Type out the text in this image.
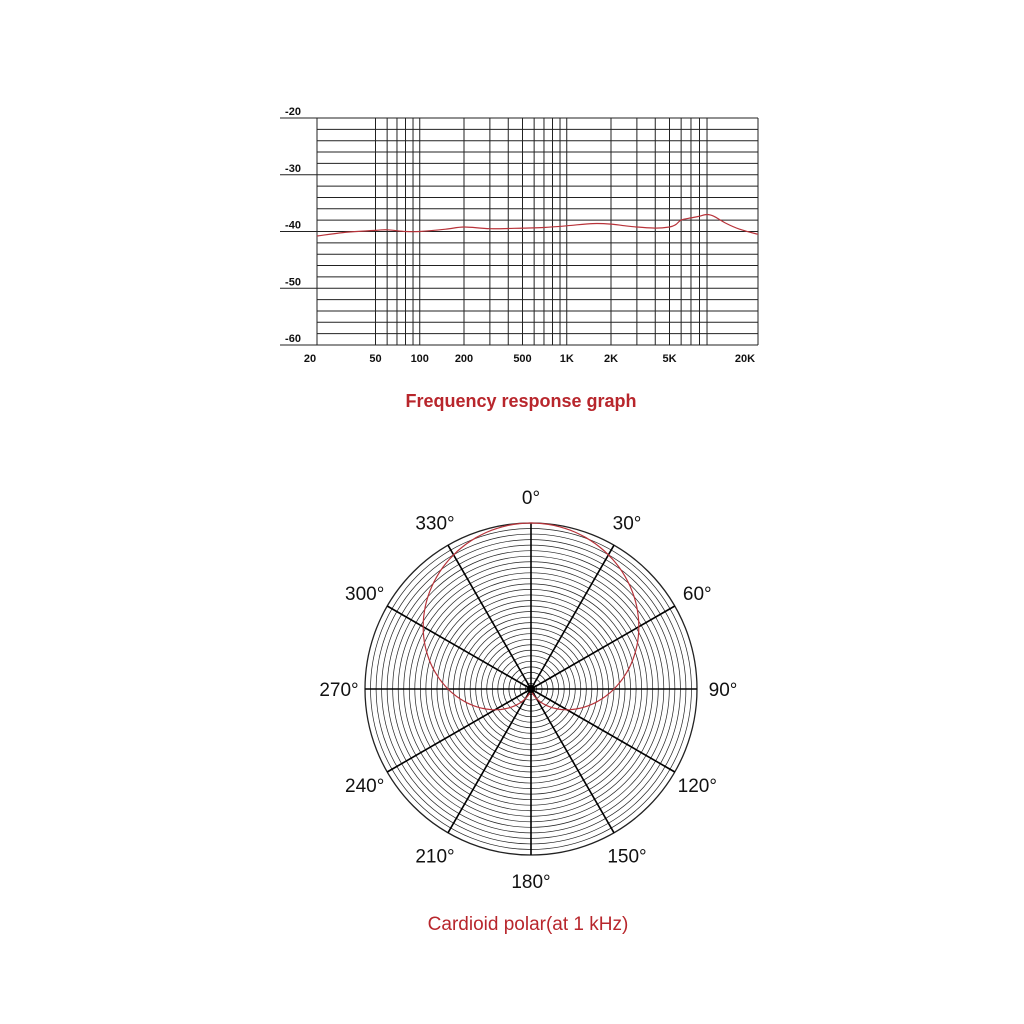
-20
-30
-40
-50
-60
20	50	100 200	500	1K	2K	5K	20K
Frequency response graph
0°
30°
60°
90°
120°
150°
180°
210°
240°
270°
300°
330°
Cardioid polar(at 1 kHz)
